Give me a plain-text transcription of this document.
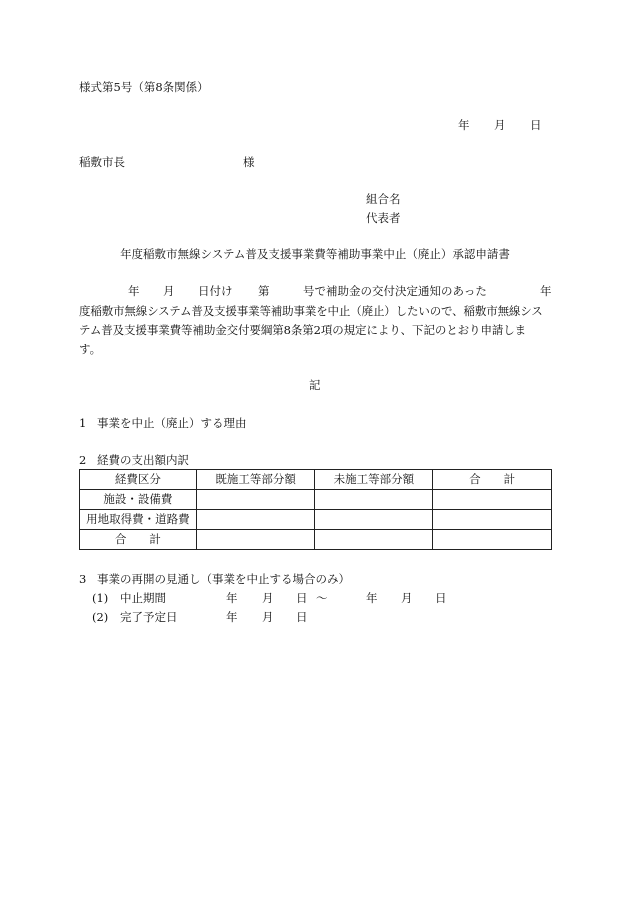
様式第5号（第8条関係）
年 月 日
稲敷市長	様
組合名
代表者
年度稲敷市無線システム普及支援事業費等補助事業中止（廃止）承認申請書
年 月 日付け 第	号で補助金の交付決定通知のあった	年
度稲敷市無線システム普及支援事業等補助事業を中止（廃止）したいので、稲敷市無線シス
テム普及支援事業費等補助金交付要綱第8条第2項の規定により、下記のとおり申請しま
す。
記
1 事業を中止（廃止）する理由
2 経費の支出額内訳
経費区分	既施工等部分額	未施工等部分額	合　　計
施設・設備費			
用地取得費・道路費			
合　　計			
3 事業の再開の見通し（事業を中止する場合のみ）
(1) 中止期間	年 月 日 ～	年 月 日
(2) 完了予定日	年 月 日
